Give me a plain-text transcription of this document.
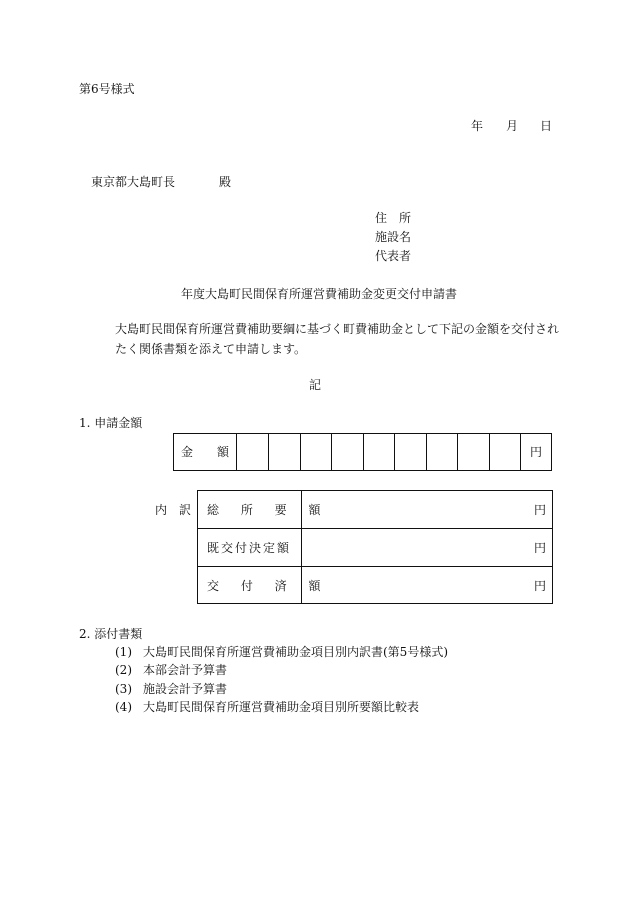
第6号様式
年 月 日
東京都大島町長	殿
住　所
施設名
代表者
年度大島町民間保育所運営費補助金変更交付申請書
大島町民間保育所運営費補助要綱に基づく町費補助金として下記の金額を交付され
たく関係書類を添えて申請します。
記
1. 申請金額
金　　額	円
内　訳 総 所 要 額	円
既交付決定額	円
交 付 済 額	円
2. 添付書類
(1) 大島町民間保育所運営費補助金項目別内訳書(第5号様式)
(2) 本部会計予算書
(3) 施設会計予算書
(4) 大島町民間保育所運営費補助金項目別所要額比較表
